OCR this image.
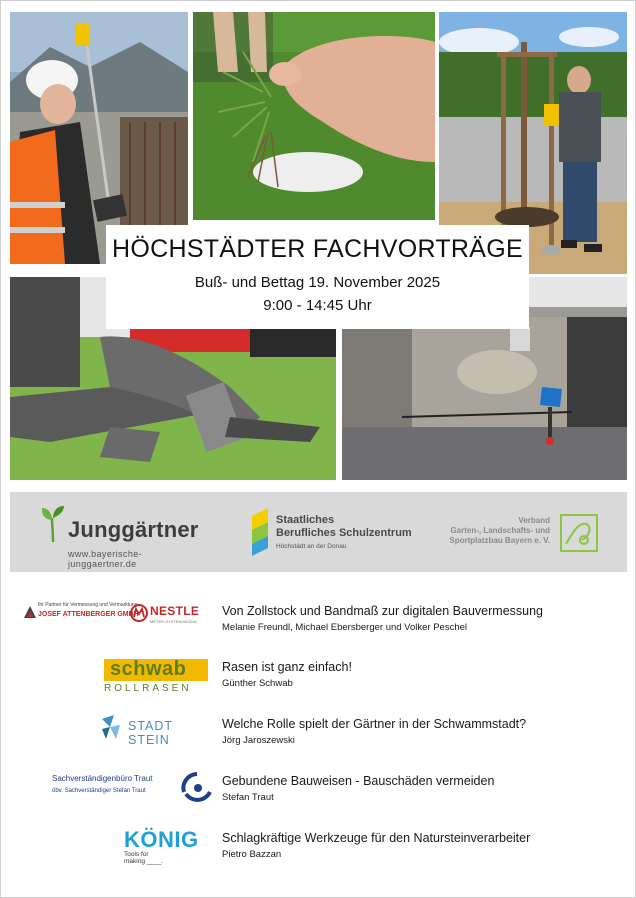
HÖCHSTÄDTER FACHVORTRÄGE
Buß- und Bettag 19. November 2025
9:00 - 14:45 Uhr
Junggärtner
www.bayerische-junggaertner.de
Staatliches
Berufliches Schulzentrum
Höchstädt an der Donau
Verband
Garten-, Landschafts- und
Sportplatzbau Bayern e. V.
Ihr Partner für Vermessung und Vermarktung
JOSEF ATTENBERGER GMBH NESTLE
METER-SYSTEM-MODUL
Von Zollstock und Bandmaß zur digitalen Bauvermessung
Melanie Freundl, Michael Ebersberger und Volker Peschel
schwab
ROLLRASEN
Rasen ist ganz einfach!
Günther Schwab
STADT STEIN
Welche Rolle spielt der Gärtner in der Schwammstadt?
Jörg Jaroszewski
Sachverständigenbüro Traut
öbv. Sachverständiger Stefan Traut
Gebundene Bauweisen - Bauschäden vermeiden
Stefan Traut
KÖNIG
Tools for
making ____.
Schlagkräftige Werkzeuge für den Natursteinverarbeiter
Pietro Bazzan
